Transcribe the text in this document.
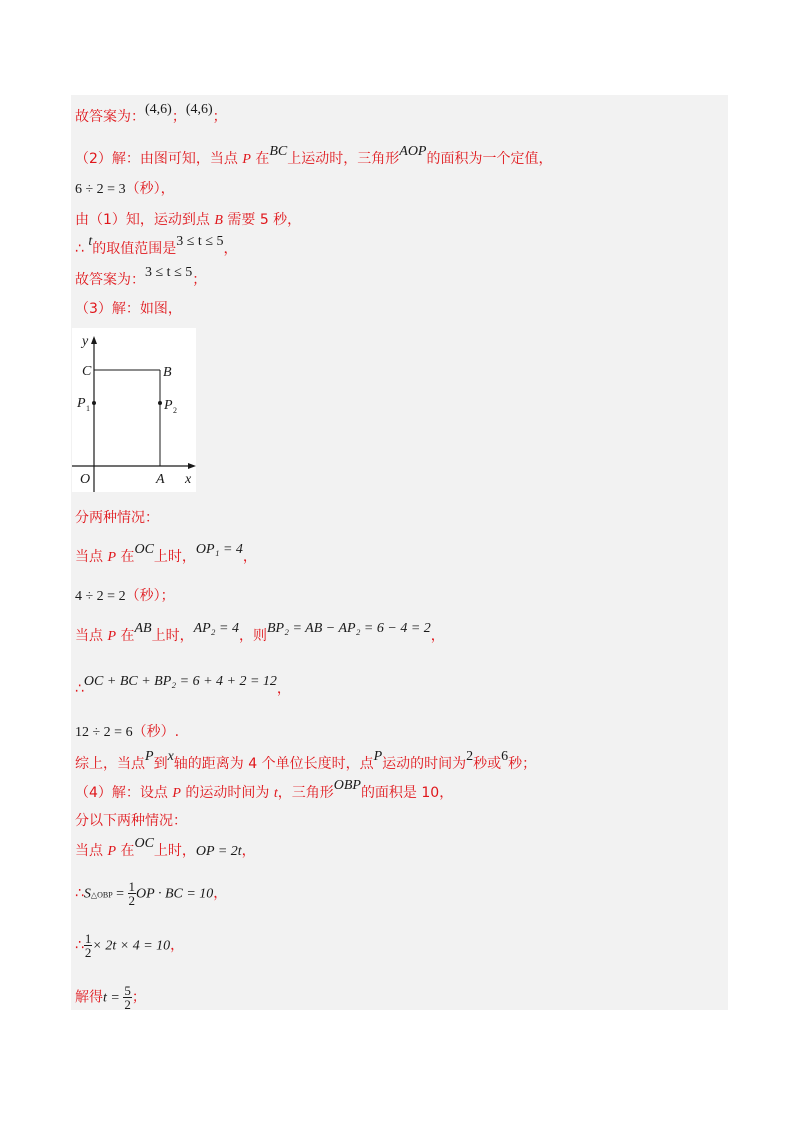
故答案为：(4,6)；(4,6)；
（2）解：由图可知，当点 P 在BC上运动时，三角形AOP的面积为一个定值，
6 ÷ 2 = 3（秒），
由（1）知，运动到点 B 需要 5 秒，
∴ t的取值范围是3 ≤ t ≤ 5，
故答案为：3 ≤ t ≤ 5；
（3）解：如图，
y
C	B
P 1	P 2
O	A x
分两种情况：
当点 P 在OC上时，OP₁ = 4，
4 ÷ 2 = 2（秒）；
当点 P 在AB上时，AP₂ = 4，则BP₂ = AB − AP₂ = 6 − 4 = 2，
∴OC + BC + BP₂ = 6 + 4 + 2 = 12，
12 ÷ 2 = 6（秒）.
综上，当点P到x轴的距离为 4 个单位长度时，点P运动的时间为2秒或6秒；
（4）解：设点 P 的运动时间为 t，三角形OBP的面积是 10，
分以下两种情况：
当点 P 在OC上时，OP = 2t，
∴S△OBP = $\frac{1}{2}$ OP · BC = 10，
∴ $\frac{1}{2} \times 2t \times 4 = 10$，
解得$t = \frac{5}{2}$ ；
